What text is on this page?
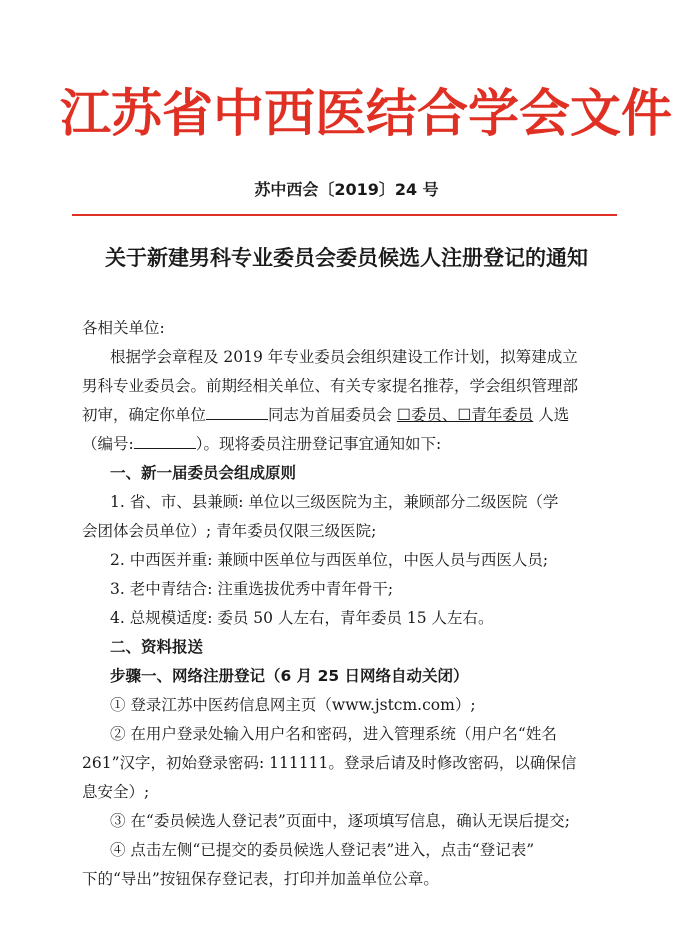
江苏省中西医结合学会文件
苏中西会〔2019〕24 号
关于新建男科专业委员会委员候选人注册登记的通知
各相关单位:
根据学会章程及 2019 年专业委员会组织建设工作计划，拟筹建成立
男科专业委员会。前期经相关单位、有关专家提名推荐，学会组织管理部
初审，确定你单位	同志为首届委员会 ☐委员、☐青年委员 人选
（编号:	）。现将委员注册登记事宜通知如下:
一、新一届委员会组成原则
1. 省、市、县兼顾: 单位以三级医院为主，兼顾部分二级医院（学
会团体会员单位）; 青年委员仅限三级医院;
2. 中西医并重: 兼顾中医单位与西医单位，中医人员与西医人员;
3. 老中青结合: 注重选拔优秀中青年骨干;
4. 总规模适度: 委员 50 人左右，青年委员 15 人左右。
二、资料报送
步骤一、网络注册登记（6 月 25 日网络自动关闭）
① 登录江苏中医药信息网主页（www.jstcm.com）;
② 在用户登录处输入用户名和密码，进入管理系统（用户名“姓名
261”汉字，初始登录密码: 111111。登录后请及时修改密码，以确保信
息安全）;
③ 在“委员候选人登记表”页面中，逐项填写信息，确认无误后提交;
④ 点击左侧“已提交的委员候选人登记表”进入，点击“登记表”
下的“导出”按钮保存登记表，打印并加盖单位公章。
